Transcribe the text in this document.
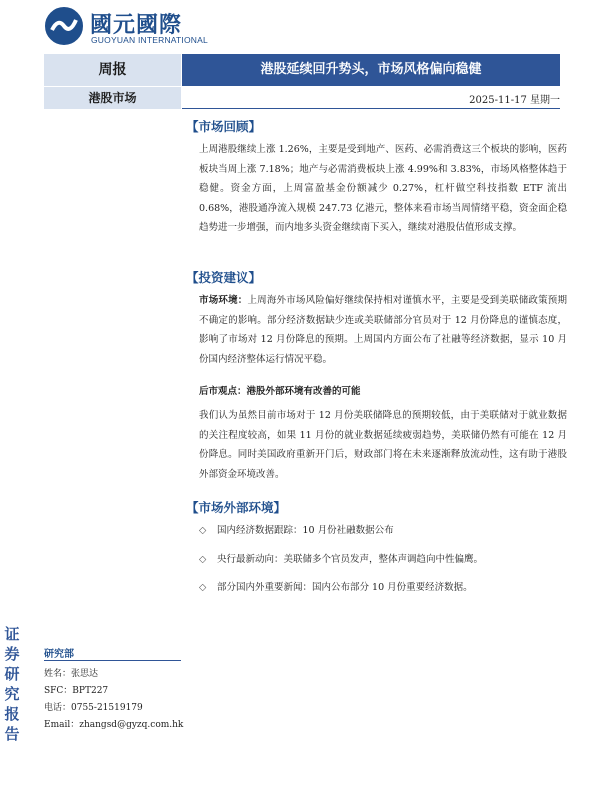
國元國際
GUOYUAN INTERNATIONAL
周报	港股延续回升势头，市场风格偏向稳健
港股市场	2025-11-17 星期一
【市场回顾】
上周港股继续上涨 1.26%，主要是受到地产、医药、必需消费这三个板块的影响，医药板块当周上涨 7.18%；地产与必需消费板块上涨 4.99%和 3.83%，市场风格整体趋于稳健。资金方面，上周富盈基金份额减少 0.27%，杠杆做空科技指数 ETF 流出 0.68%，港股通净流入规模 247.73 亿港元，整体来看市场当周情绪平稳，资金面企稳趋势进一步增强，而内地多头资金继续南下买入，继续对港股估值形成支撑。
【投资建议】
市场环境：上周海外市场风险偏好继续保持相对谨慎水平，主要是受到美联储政策预期不确定的影响。部分经济数据缺少连或美联储部分官员对于 12 月份降息的谨慎态度，影响了市场对 12 月份降息的预期。上周国内方面公布了社融等经济数据，显示 10 月份国内经济整体运行情况平稳。
后市观点：港股外部环境有改善的可能
我们认为虽然目前市场对于 12 月份美联储降息的预期较低，由于美联储对于就业数据的关注程度较高，如果 11 月份的就业数据延续疲弱趋势，美联储仍然有可能在 12 月份降息。同时美国政府重新开门后，财政部门将在未来逐渐释放流动性，这有助于港股外部资金环境改善。
【市场外部环境】
◇ 国内经济数据跟踪：10 月份社融数据公布
◇ 央行最新动向：美联储多个官员发声，整体声调趋向中性偏鹰。
◇ 部分国内外重要新闻：国内公布部分 10 月份重要经济数据。
证
券
研
究
报
告
研究部
姓名：张思达
SFC：BPT227
电话：0755-21519179
Email：zhangsd@gyzq.com.hk
